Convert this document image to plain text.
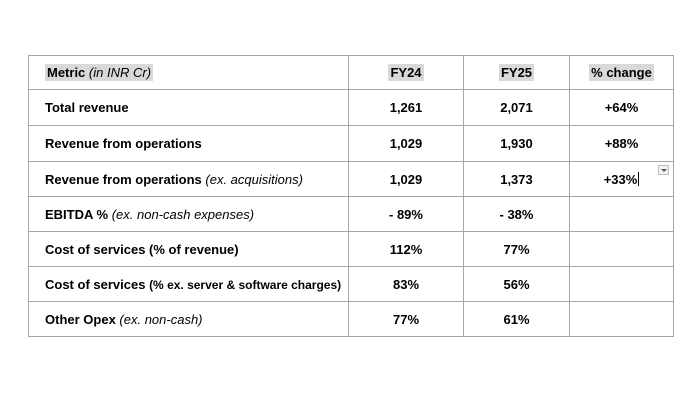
Metric (in INR Cr)	FY24	FY25	% change
Total revenue	1,261	2,071	+64%
Revenue from operations	1,029	1,930	+88%
Revenue from operations (ex. acquisitions)	1,029	1,373	+33%

EBITDA % (ex. non-cash expenses)	- 89%	- 38%	
Cost of services (% of revenue)	112%	77%	
Cost of services (% ex. server & software charges)	83%	56%	
Other Opex (ex. non-cash)	77%	61%	
